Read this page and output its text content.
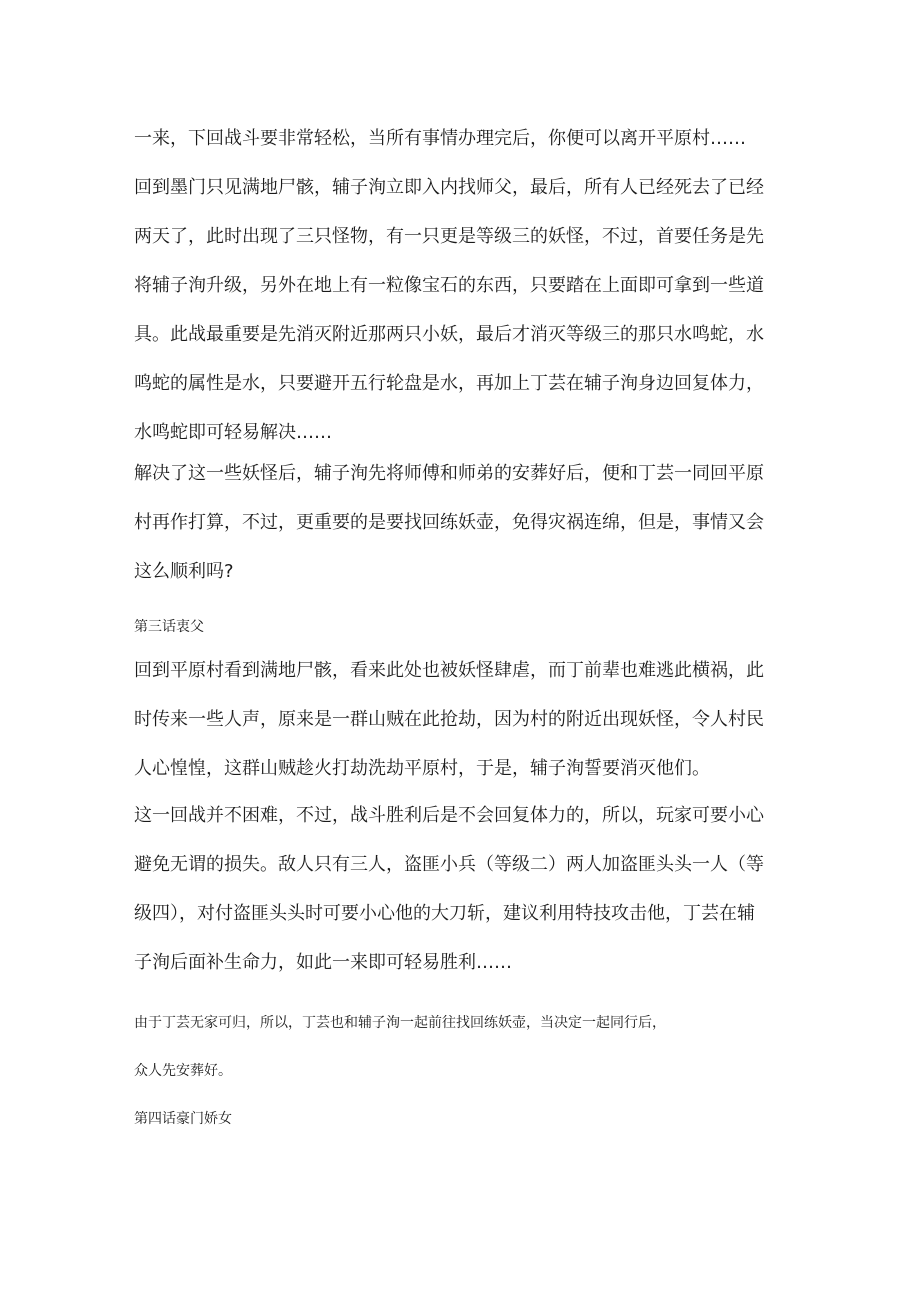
一来，下回战斗要非常轻松，当所有事情办理完后，你便可以离开平原村……

回到墨门只见满地尸骸，辅子洵立即入内找师父，最后，所有人已经死去了已经
两天了，此时出现了三只怪物，有一只更是等级三的妖怪，不过，首要任务是先
将辅子洵升级，另外在地上有一粒像宝石的东西，只要踏在上面即可拿到一些道
具。此战最重要是先消灭附近那两只小妖，最后才消灭等级三的那只水鸣蛇，水
鸣蛇的属性是水，只要避开五行轮盘是水，再加上丁芸在辅子洵身边回复体力，
水鸣蛇即可轻易解决……

解决了这一些妖怪后，辅子洵先将师傅和师弟的安葬好后，便和丁芸一同回平原
村再作打算，不过，更重要的是要找回练妖壶，免得灾祸连绵，但是，事情又会
这么顺利吗?

第三话衷父

回到平原村看到满地尸骸，看来此处也被妖怪肆虐，而丁前辈也难逃此横祸，此
时传来一些人声，原来是一群山贼在此抢劫，因为村的附近出现妖怪，令人村民
人心惶惶，这群山贼趁火打劫洗劫平原村，于是，辅子洵誓要消灭他们。

这一回战并不困难，不过，战斗胜利后是不会回复体力的，所以，玩家可要小心
避免无谓的损失。敌人只有三人，盗匪小兵（等级二）两人加盗匪头头一人（等
级四），对付盗匪头头时可要小心他的大刀斩，建议利用特技攻击他，丁芸在辅
子洵后面补生命力，如此一来即可轻易胜利……

由于丁芸无家可归，所以，丁芸也和辅子洵一起前往找回练妖壶，当决定一起同行后，
众人先安葬好。
第四话豪门娇女
